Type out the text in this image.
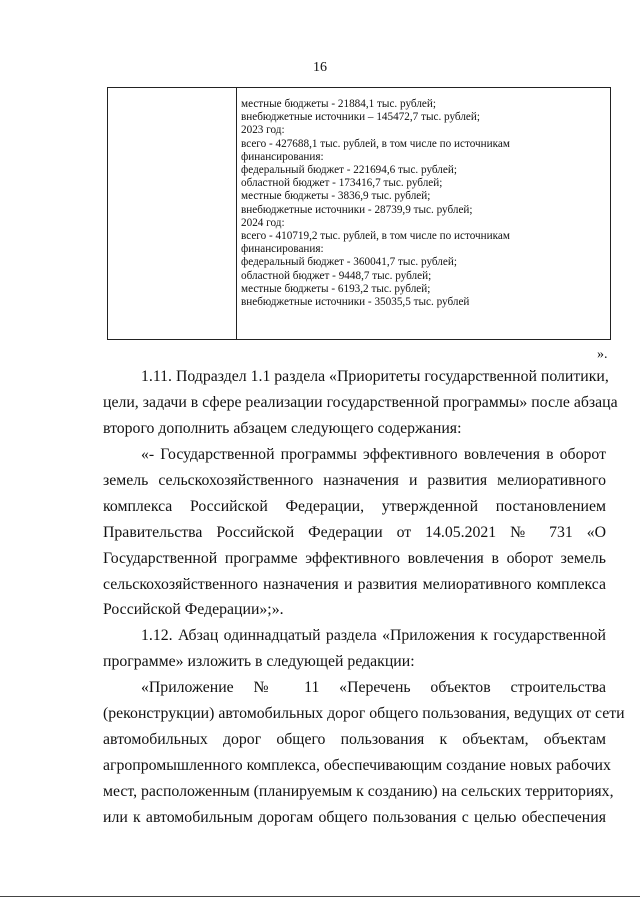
16
местные бюджеты - 21884,1 тыс. рублей;
внебюджетные источники – 145472,7 тыс. рублей;
2023 год:
всего - 427688,1 тыс. рублей, в том числе по источникам
финансирования:
федеральный бюджет - 221694,6 тыс. рублей;
областной бюджет - 173416,7 тыс. рублей;
местные бюджеты - 3836,9 тыс. рублей;
внебюджетные источники - 28739,9 тыс. рублей;
2024 год:
всего - 410719,2 тыс. рублей, в том числе по источникам
финансирования:
федеральный бюджет - 360041,7 тыс. рублей;
областной бюджет - 9448,7 тыс. рублей;
местные бюджеты - 6193,2 тыс. рублей;
внебюджетные источники - 35035,5 тыс. рублей
».
1.11. Подраздел 1.1 раздела «Приоритеты государственной политики,
цели, задачи в сфере реализации государственной программы» после абзаца
второго дополнить абзацем следующего содержания:
«- Государственной программы эффективного вовлечения в оборот
земель сельскохозяйственного назначения и развития мелиоративного
комплекса Российской Федерации, утвержденной постановлением
Правительства Российской Федерации от 14.05.2021 № 731 «О
Государственной программе эффективного вовлечения в оборот земель
сельскохозяйственного назначения и развития мелиоративного комплекса
Российской Федерации»;».
1.12. Абзац одиннадцатый раздела «Приложения к государственной
программе» изложить в следующей редакции:
«Приложение № 11 «Перечень объектов строительства
(реконструкции) автомобильных дорог общего пользования, ведущих от сети
автомобильных дорог общего пользования к объектам, объектам
агропромышленного комплекса, обеспечивающим создание новых рабочих
мест, расположенным (планируемым к созданию) на сельских территориях,
или к автомобильным дорогам общего пользования с целью обеспечения
